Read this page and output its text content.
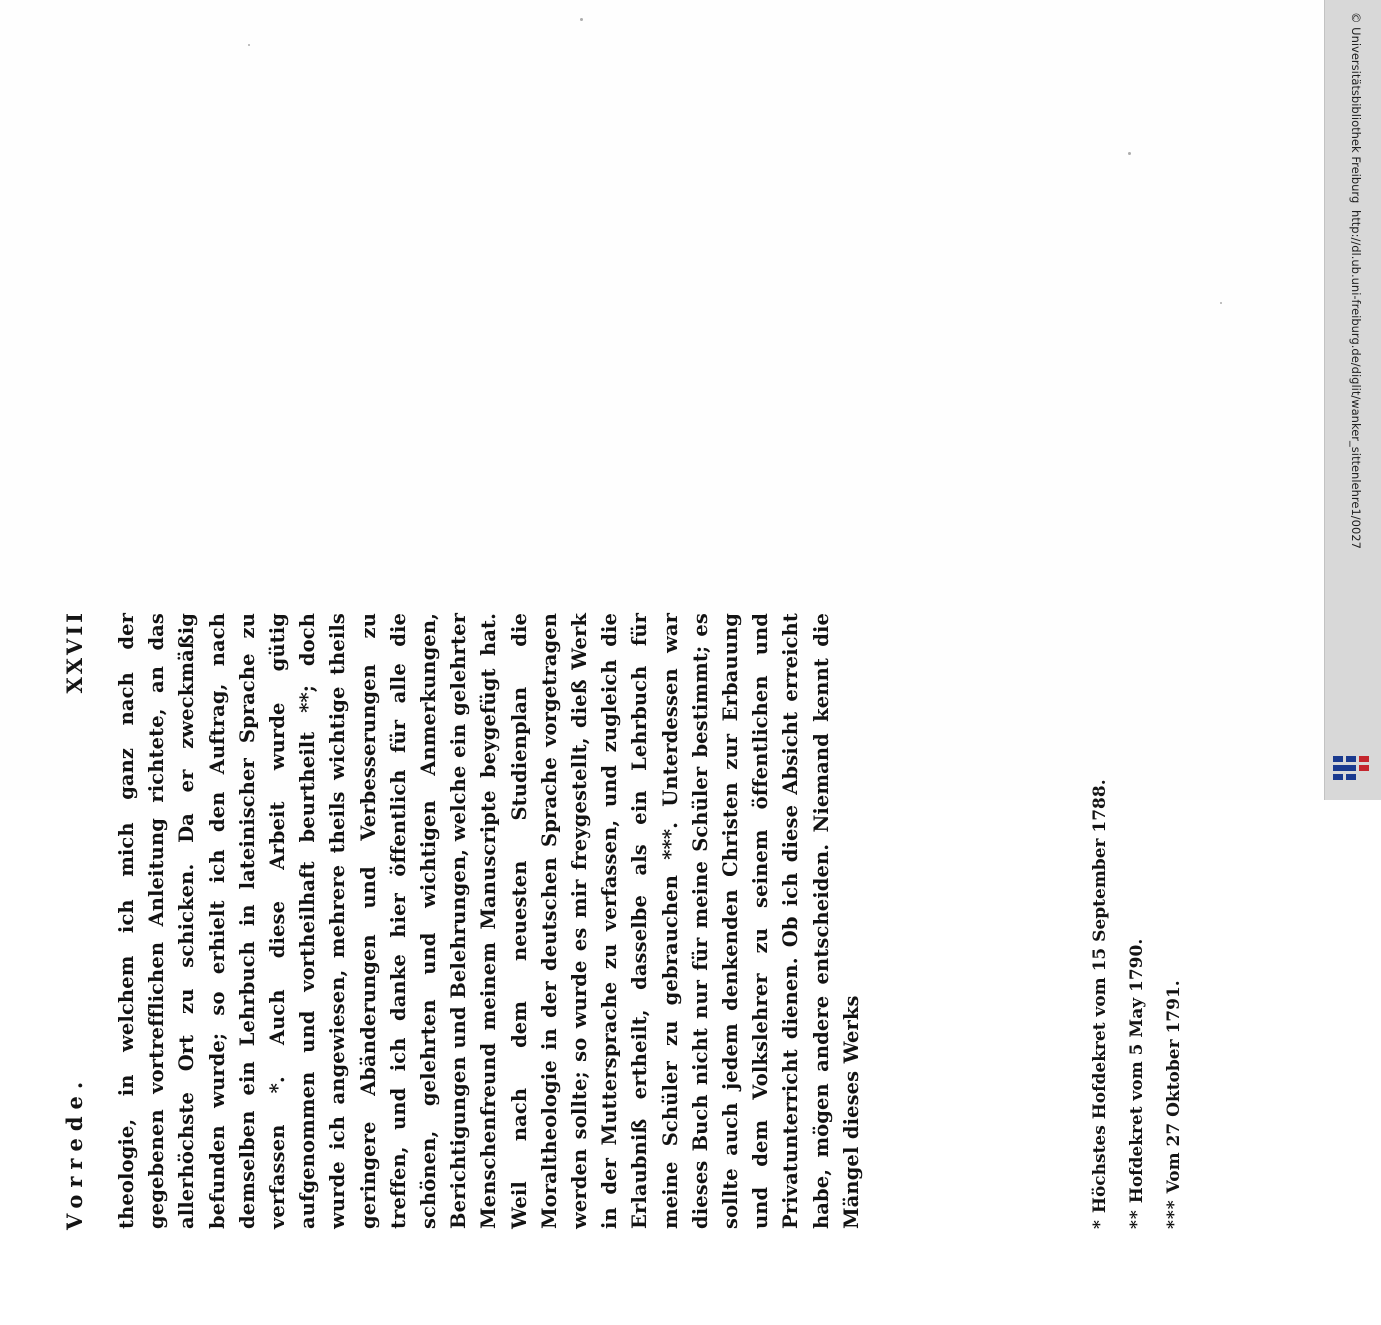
Vorrede.
XXVII theologie, in welchem ich mich ganz nach der gegebenen vortrefflichen Anleitung richtete, an das allerhöchste Ort zu schicken. Da er zweckmäßig befunden wurde; so erhielt ich den Auftrag, nach demselben ein Lehrbuch in lateinischer Sprache zu verfassen *. Auch diese Arbeit wurde gütig aufgenommen und vortheilhaft beurtheilt **; doch wurde ich angewiesen, mehrere theils wichtige theils geringere Abänderungen und Verbesserungen zu treffen, und ich danke hier öffentlich für alle die schönen, gelehrten und wichtigen Anmerkungen, Berichtigungen und Belehrungen, welche ein gelehrter Menschenfreund meinem Manuscripte beygefügt hat. Weil nach dem neuesten Studienplan die Moraltheologie in der deutschen Sprache vorgetragen werden sollte; so wurde es mir freygestellt, dieß Werk in der Muttersprache zu verfassen, und zugleich die Erlaubniß ertheilt, dasselbe als ein Lehrbuch für meine Schüler zu gebrauchen ***. Unterdessen war dieses Buch nicht nur für meine Schüler bestimmt; es sollte auch jedem denkenden Christen zur Erbauung und dem Volkslehrer zu seinem öffentlichen und Privatunterricht dienen. Ob ich diese Absicht erreicht habe, mögen andere entscheiden. Niemand kennt die Mängel dieses Werks	*Höchstes Hofdekret vom 15 September 1788.
**Hofdekret vom 5 May 1790.
***Vom 27 Oktober 1791.
© Universitätsbibliothek Freiburg
http://dl.ub.uni-freiburg.de/diglit/wanker_sittenlehre1/0027
